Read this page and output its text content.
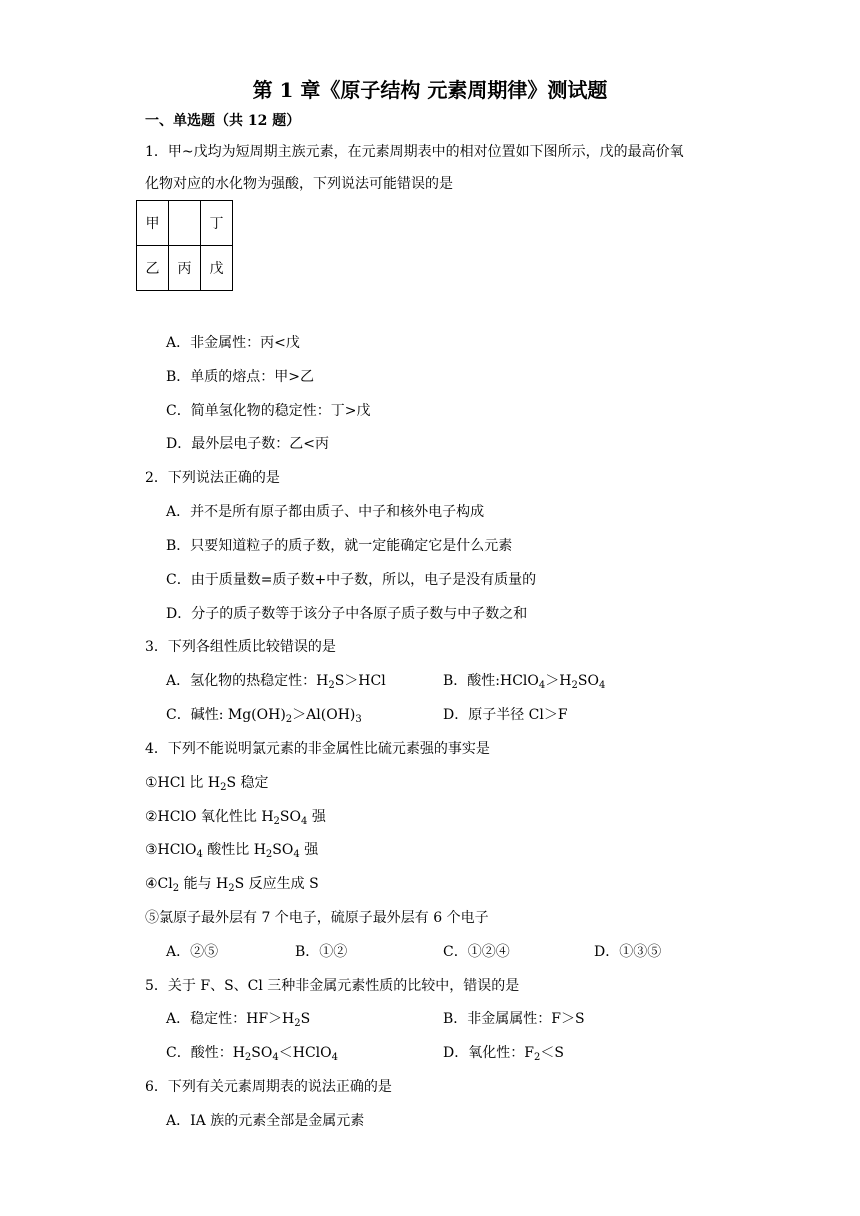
第 1 章《原子结构 元素周期律》测试题
一、单选题（共 12 题）
1．甲~戊均为短周期主族元素，在元素周期表中的相对位置如下图所示，戊的最高价氧
化物对应的水化物为强酸，下列说法可能错误的是
甲		丁
乙	丙	戊
A．非金属性：丙<戊
B．单质的熔点：甲>乙
C．简单氢化物的稳定性：丁>戊
D．最外层电子数：乙<丙
2．下列说法正确的是
A．并不是所有原子都由质子、中子和核外电子构成
B．只要知道粒子的质子数，就一定能确定它是什么元素
C．由于质量数=质子数+中子数，所以，电子是没有质量的
D．分子的质子数等于该分子中各原子质子数与中子数之和
3．下列各组性质比较错误的是
A．氢化物的热稳定性：$H_2S>HCl$	B．酸性$:HClO_4>H_2SO_4$
C．碱性: $Mg(OH)_2>Al(OH)_3$	D．原子半径 Cl＞F
4．下列不能说明氯元素的非金属性比硫元素强的事实是
①HCl 比 $H_2S$ 稳定
②HClO 氧化性比 $H_2SO_4$ 强
③HClO$_4$ 酸性比 $H_2SO_4$ 强
$④Cl_2$ 能与 $H_2S$ 反应生成 S
⑤氯原子最外层有 7 个电子，硫原子最外层有 6 个电子
A．②⑤	B．①②	C．①②④	D．①③⑤
5．关于 F、S、Cl 三种非金属元素性质的比较中，错误的是
A．稳定性：$HF>H_2S$	B．非金属属性：F＞S
C．酸性：$H_2SO_4<HClO_4$	D．氧化性：$F_2<S$
6．下列有关元素周期表的说法正确的是
A．IA 族的元素全部是金属元素
